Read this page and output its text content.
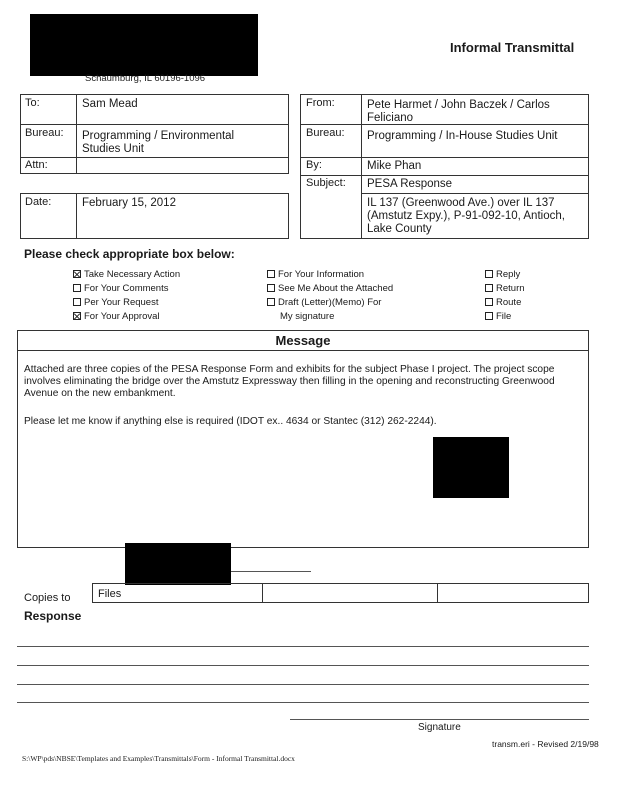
Schaumburg, IL 60196-1096
Informal Transmittal
To:	Sam Mead
Bureau: Programming / Environmental Studies Unit
Attn:
Date:	February 15, 2012
From:	Pete Harmet / John Baczek / Carlos Feliciano
Bureau: Programming / In-House Studies Unit
By:	Mike Phan
Subject: PESA Response
IL 137 (Greenwood Ave.) over IL 137 (Amstutz Expy.), P-91-092-10, Antioch, Lake County
Please check appropriate box below:
Take Necessary Action
For Your Comments
Per Your Request
For Your Approval
For Your Information
See Me About the Attached
Draft (Letter)(Memo) For
My signature
Reply
Return
Route
File
Message
Attached are three copies of the PESA Response Form and exhibits for the subject Phase I project. The project scope involves eliminating the bridge over the Amstutz Expressway then filling in the opening and reconstructing Greenwood Avenue on the new embankment.
Please let me know if anything else is required (IDOT ex.. 4634 or Stantec (312) 262-2244).
Copies to	Files
Response
Signature
transm.eri - Revised 2/19/98
S:\WP\pds\NBSE\Templates and Examples\Transmittals\Form - Informal Transmittal.docx
